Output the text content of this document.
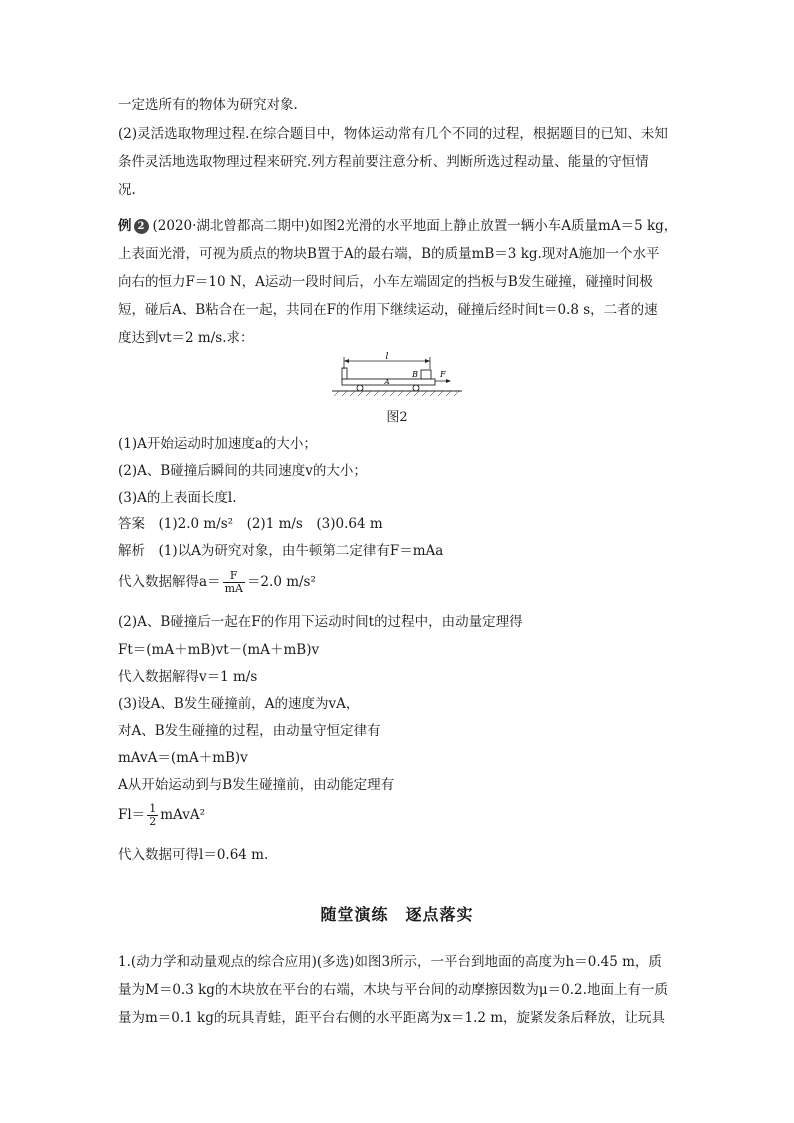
一定选所有的物体为研究对象.
(2)灵活选取物理过程.在综合题目中，物体运动常有几个不同的过程，根据题目的已知、未知
条件灵活地选取物理过程来研究.列方程前要注意分析、判断所选过程动量、能量的守恒情
况.
例 2 (2020·湖北曾都高二期中)如图2光滑的水平地面上静止放置一辆小车A质量mA＝5 kg，
上表面光滑，可视为质点的物块B置于A的最右端，B的质量mB＝3 kg.现对A施加一个水平
向右的恒力F＝10 N，A运动一段时间后，小车左端固定的挡板与B发生碰撞，碰撞时间极
短，碰后A、B粘合在一起，共同在F的作用下继续运动，碰撞后经时间t＝0.8 s，二者的速
度达到vt＝2 m/s.求：
l
B
A
F
图2
(1)A开始运动时加速度a的大小；
(2)A、B碰撞后瞬间的共同速度v的大小；
(3)A的上表面长度l.
答案　(1)2.0 m/s²　(2)1 m/s　(3)0.64 m
解析　(1)以A为研究对象，由牛顿第二定律有F＝mAa
代入数据解得$a= \frac{F}{mA} =2.0$ m/s²
(2)A、B碰撞后一起在F的作用下运动时间t的过程中，由动量定理得
Ft＝(mA＋mB)vt－(mA＋mB)v
代入数据解得v＝1 m/s
(3)设A、B发生碰撞前，A的速度为vA，
对A、B发生碰撞的过程，由动量守恒定律有
mAvA＝(mA＋mB)v
A从开始运动到与B发生碰撞前，由动能定理有
$Fl= \frac{1}{2}$ mAvA²
代入数据可得l＝0.64 m.
随堂演练　逐点落实
1.(动力学和动量观点的综合应用)(多选)如图3所示，一平台到地面的高度为h＝0.45 m，质
量为M＝0.3 kg的木块放在平台的右端，木块与平台间的动摩擦因数为μ＝0.2.地面上有一质
量为m＝0.1 kg的玩具青蛙，距平台右侧的水平距离为x＝1.2 m，旋紧发条后释放，让玩具
